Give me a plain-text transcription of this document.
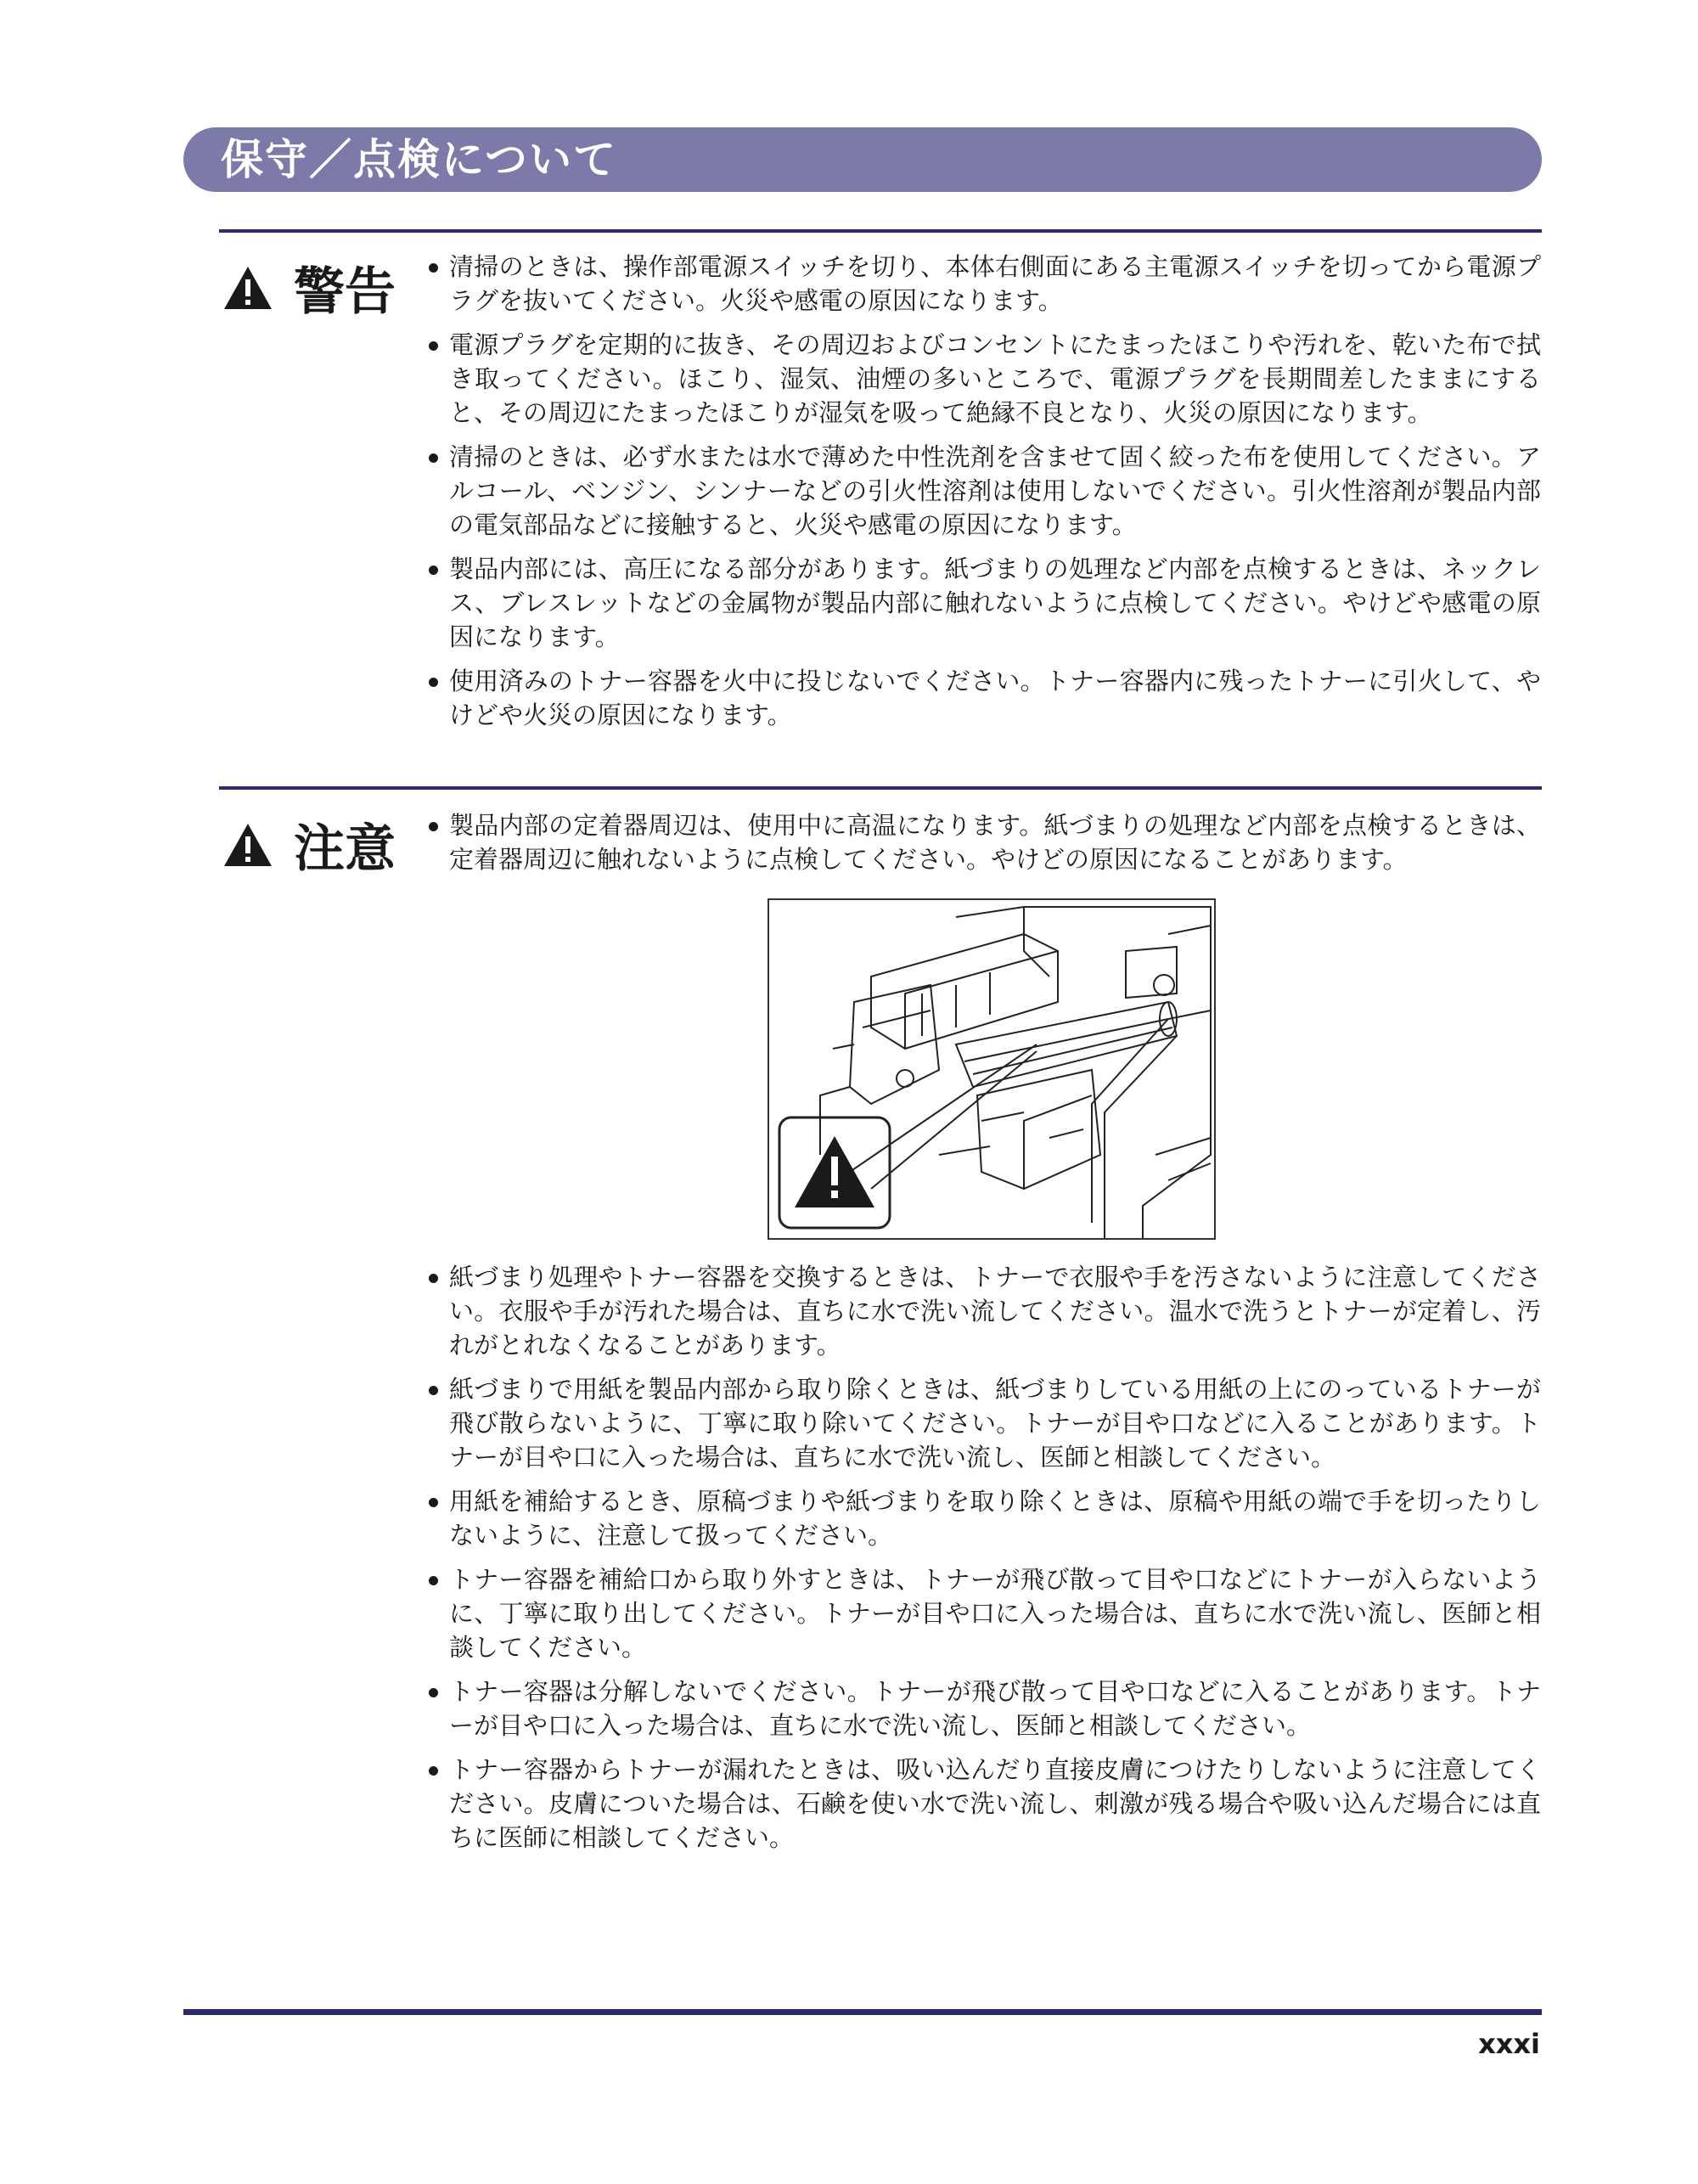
保守／点検について
警告	清掃のときは、操作部電源スイッチを切り、本体右側面にある主電源スイッチを切ってから電源プラグを抜いてください。火災や感電の原因になります。
電源プラグを定期的に抜き、その周辺およびコンセントにたまったほこりや汚れを、乾いた布で拭き取ってください。ほこり、湿気、油煙の多いところで、電源プラグを長期間差したままにすると、その周辺にたまったほこりが湿気を吸って絶縁不良となり、火災の原因になります。
清掃のときは、必ず水または水で薄めた中性洗剤を含ませて固く絞った布を使用してください。アルコール、ベンジン、シンナーなどの引火性溶剤は使用しないでください。引火性溶剤が製品内部の電気部品などに接触すると、火災や感電の原因になります。
製品内部には、高圧になる部分があります。紙づまりの処理など内部を点検するときは、ネックレス、ブレスレットなどの金属物が製品内部に触れないように点検してください。やけどや感電の原因になります。
使用済みのトナー容器を火中に投じないでください。トナー容器内に残ったトナーに引火して、やけどや火災の原因になります。
注意	製品内部の定着器周辺は、使用中に高温になります。紙づまりの処理など内部を点検するときは、定着器周辺に触れないように点検してください。やけどの原因になることがあります。
紙づまり処理やトナー容器を交換するときは、トナーで衣服や手を汚さないように注意してください。衣服や手が汚れた場合は、直ちに水で洗い流してください。温水で洗うとトナーが定着し、汚れがとれなくなることがあります。
紙づまりで用紙を製品内部から取り除くときは、紙づまりしている用紙の上にのっているトナーが飛び散らないように、丁寧に取り除いてください。トナーが目や口などに入ることがあります。トナーが目や口に入った場合は、直ちに水で洗い流し、医師と相談してください。
用紙を補給するとき、原稿づまりや紙づまりを取り除くときは、原稿や用紙の端で手を切ったりしないように、注意して扱ってください。
トナー容器を補給口から取り外すときは、トナーが飛び散って目や口などにトナーが入らないように、丁寧に取り出してください。トナーが目や口に入った場合は、直ちに水で洗い流し、医師と相談してください。
トナー容器は分解しないでください。トナーが飛び散って目や口などに入ることがあります。トナーが目や口に入った場合は、直ちに水で洗い流し、医師と相談してください。
トナー容器からトナーが漏れたときは、吸い込んだり直接皮膚につけたりしないように注意してください。皮膚についた場合は、石鹸を使い水で洗い流し、刺激が残る場合や吸い込んだ場合には直ちに医師に相談してください。
xxxi
